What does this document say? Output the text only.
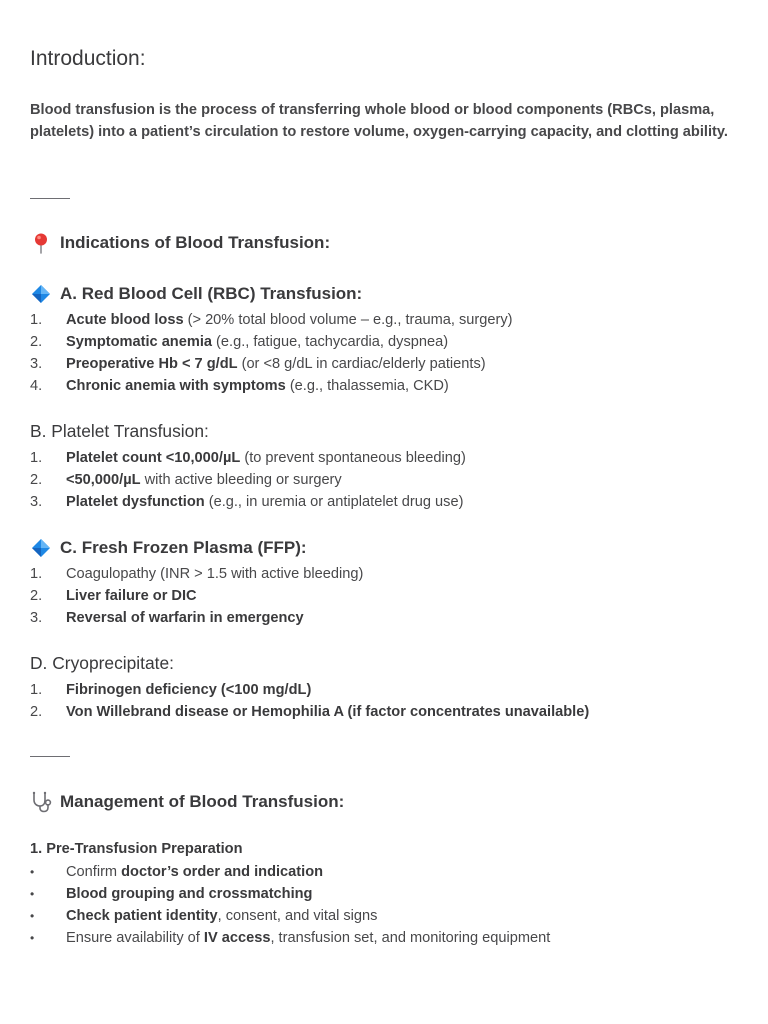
Introduction:

Blood transfusion is the process of transferring whole blood or blood components (RBCs, plasma, platelets) into a patient’s circulation to restore volume, oxygen-carrying capacity, and clotting ability.

Indications of Blood Transfusion:
A. Red Blood Cell (RBC) Transfusion:
1.	Acute blood loss (> 20% total blood volume – e.g., trauma, surgery)
2.	Symptomatic anemia (e.g., fatigue, tachycardia, dyspnea)
3.	Preoperative Hb < 7 g/dL (or <8 g/dL in cardiac/elderly patients)
4.	Chronic anemia with symptoms (e.g., thalassemia, CKD)
B. Platelet Transfusion:
1.	Platelet count <10,000/µL (to prevent spontaneous bleeding)
2.	<50,000/µL with active bleeding or surgery
3.	Platelet dysfunction (e.g., in uremia or antiplatelet drug use)
C. Fresh Frozen Plasma (FFP):
1.	Coagulopathy (INR > 1.5 with active bleeding)
2.	Liver failure or DIC
3.	Reversal of warfarin in emergency
D. Cryoprecipitate:
1.	Fibrinogen deficiency (<100 mg/dL)
2.	Von Willebrand disease or Hemophilia A (if factor concentrates unavailable)
Management of Blood Transfusion:

1. Pre-Transfusion Preparation

•	Confirm doctor’s order and indication
•	Blood grouping and crossmatching
•	Check patient identity, consent, and vital signs
•	Ensure availability of IV access, transfusion set, and monitoring equipment
